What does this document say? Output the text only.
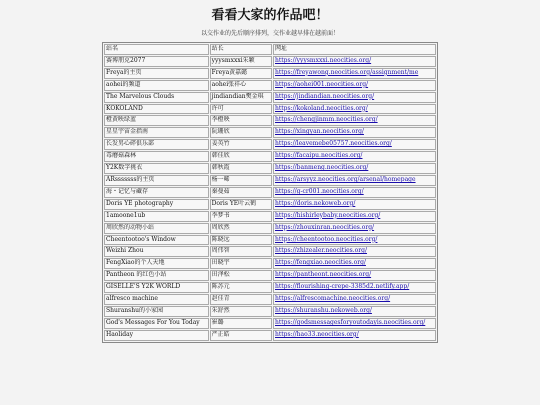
看看大家的作品吧！

以交作业的先后顺序排列，交作业越早排在越前面！

站名	站长	网址
赛博朋克2077	yyysmxxxi朱颖	https://yyysmxxxi.neocities.org/
Freya的主页	Freya黄嘉懿	https://freyawong.neocities.org/assignment/me
aohei的频道	aohei张祥心	https://aohei001.neocities.org/
The Marvelous Clouds	jindiandian樊金琪	https://jindiandian.neocities.org/
KOKOLAND	许可	https://kokoland.neocities.org/
橙黄映绿蓝	李橙映	https://chengjinmm.neocities.org/
星星宇宙金指南	阮珊欣	https://xingyan.neocities.org/
长发男心碎俱乐部	姜英竹	https://leavemebe05757.neocities.org/
毒蘑菇森林	韩佳欣	https://facaipu.neocities.org/
Y2K数字挑衣	韩秋霞	https://banmeng.neocities.org/
ARsssssss的主页	杨一晞	https://arsyyz.neocities.org/arsenal/homepage
海・记忆与藏存	秦曼茹	https://g-cr001.neocities.org/
Doris YE photography	Doris YE叶云鹤	https://doris.nekoweb.org/
1amoone1ub	李梦书	https://hishirleybaby.neocities.org/
周欣然的动物小站	周欣然	https://zhouxinran.neocities.org/
Cheentootoo's Window	陈晓远	https://cheentootoo.neocities.org/
Weizhi Zhou	周伟智	https://zhizealer.neocities.org/
FengXiao的个人天地	田晓宇	https://fengxiao.neocities.org/
Pantheon 的红色小站	田泽松	https://pantheont.neocities.org/
GISELLE'S Y2K WORLD	陈苏元	https://flourishing-crepe-3385d2.netlify.app/
alfresco machine	赵佳青	https://alfrescomachine.neocities.org/
Shuranshu的小家园	朱舒然	https://shuranshu.nekoweb.org/
God's Messages For You Today	崔璐	https://godsmessagesforyoutodayis.neocities.org/
Haoliday	严正皓	https://hao33.neocities.org/
